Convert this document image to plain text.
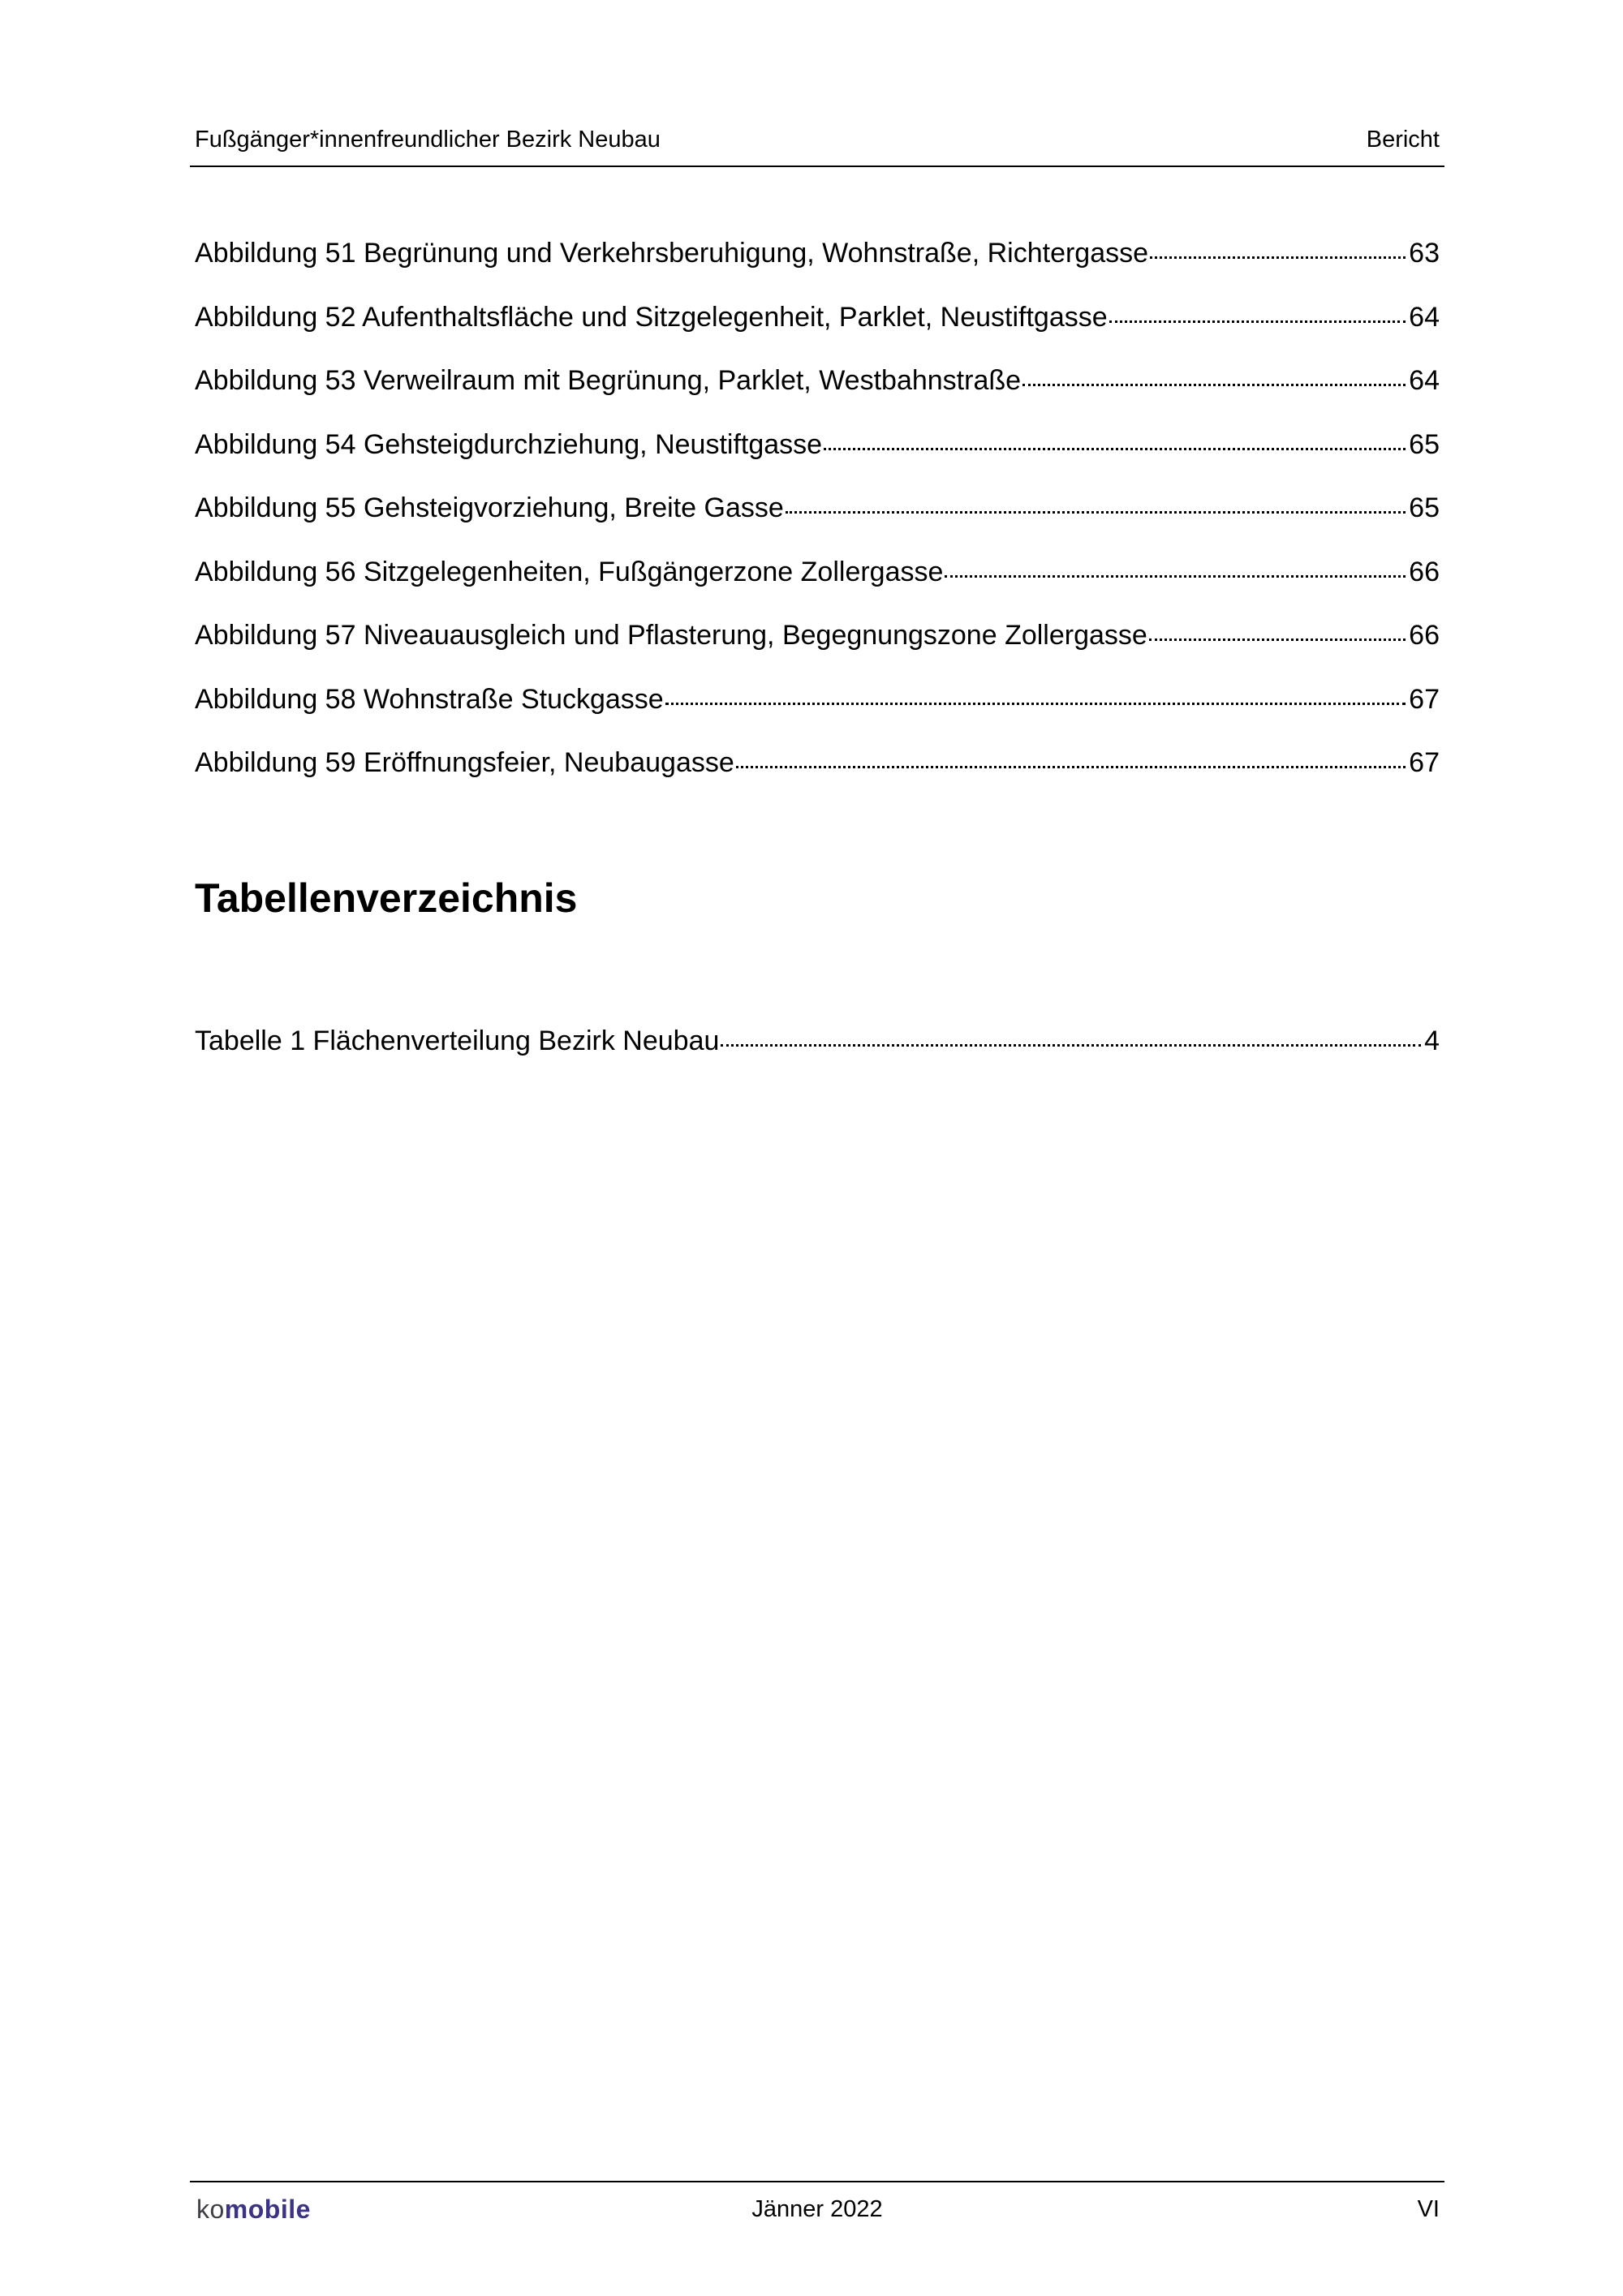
Fußgänger*innenfreundlicher Bezirk Neubau	Bericht
Abbildung 51 Begrünung und Verkehrsberuhigung, Wohnstraße, Richtergasse	63
Abbildung 52 Aufenthaltsfläche und Sitzgelegenheit, Parklet, Neustiftgasse	64
Abbildung 53 Verweilraum mit Begrünung, Parklet, Westbahnstraße	64
Abbildung 54 Gehsteigdurchziehung, Neustiftgasse	65
Abbildung 55 Gehsteigvorziehung, Breite Gasse	65
Abbildung 56 Sitzgelegenheiten, Fußgängerzone Zollergasse	66
Abbildung 57 Niveauausgleich und Pflasterung, Begegnungszone Zollergasse	66
Abbildung 58 Wohnstraße Stuckgasse	67
Abbildung 59 Eröffnungsfeier, Neubaugasse	67
Tabellenverzeichnis
Tabelle 1 Flächenverteilung Bezirk Neubau	4
komobile	Jänner 2022	VI
